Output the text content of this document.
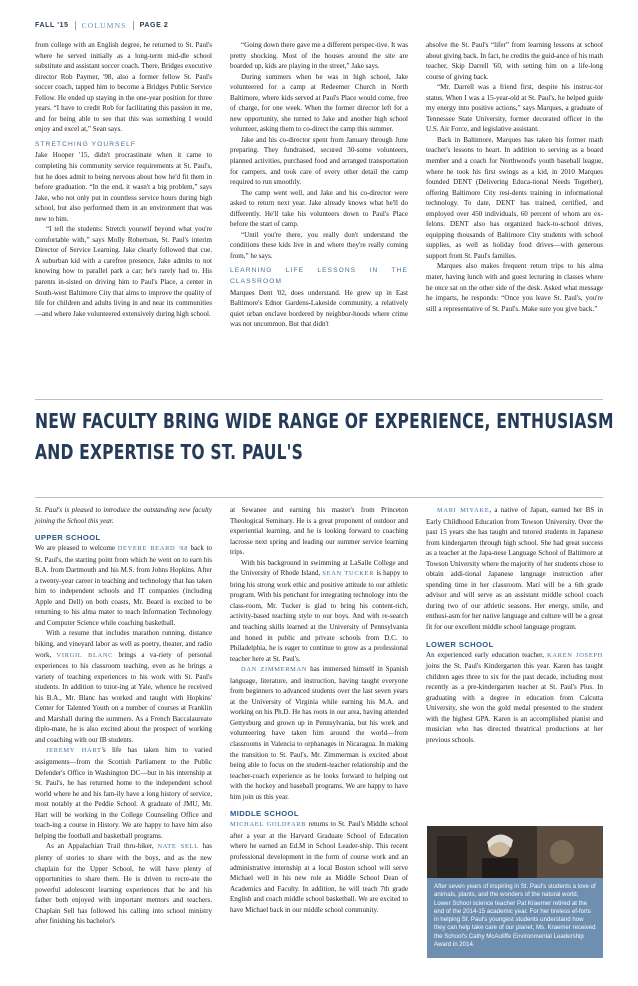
FALL '15 COLUMNS PAGE 2

from college with an English degree, he returned to St. Paul's where he served initially as a long-term mid-dle school substitute and assistant soccer coach. There, Bridges executive director Rob Paymer, '98, also a former fellow St. Paul's soccer coach, tapped him to become a Bridges Public Service Fellow. He ended up staying in the one-year position for three years. “I have to credit Rob for facilitating this passion in me, and for being able to see that this was something I would enjoy and excel at,” Sean says.

STRETCHING YOURSELF

Jake Hooper '15, didn't procrastinate when it came to completing his community service requirements at St. Paul's, but he does admit to being nervous about how he'd fit them in before graduation. “In the end, it wasn't a big problem,” says Jake, who not only put in countless service hours during high school, but also performed them in an environment that was new to him.

“I tell the students: Stretch yourself beyond what you're comfortable with,” says Molly Robertson, St. Paul's interim Director of Service Learning. Jake clearly followed that cue. A suburban kid with a carefree presence, Jake admits to not knowing how to parallel park a car; he's rarely had to. His parents in-sisted on driving him to Paul's Place, a center in South-west Baltimore City that aims to improve the quality of life for children and adults living in and near its communities—and where Jake volunteered extensively during high school.

“Going down there gave me a different perspec-tive. It was pretty shocking. Most of the houses around the site are boarded up, kids are playing in the street,” Jake says.

During summers when he was in high school, Jake volunteered for a camp at Redeemer Church in North Baltimore, where kids served at Paul's Place would come, free of charge, for one week. When the former director left for a new opportunity, she turned to Jake and another high school volunteer, asking them to co-direct the camp this summer.

Jake and his co-director spent from January through June preparing. They fundraised, secured 30-some volunteers, planned activities, purchased food and arranged transportation for campers, and took care of every other detail the camp required to run smoothly.

The camp went well, and Jake and his co-director were asked to return next year. Jake already knows what he'll do differently. He'll take his volunteers down to Paul's Place before the start of camp.

“Until you're there, you really don't understand the conditions these kids live in and where they're really coming from,” he says.

LEARNING LIFE LESSONS IN THE CLASSROOM

Marques Dent '02, does understand. He grew up in East Baltimore's Ednor Gardens-Lakeside community, a relatively quiet urban enclave bordered by neighbor-hoods where crime was not uncommon. But that didn't

absolve the St. Paul's “lifer” from learning lessons at school about giving back. In fact, he credits the guid-ance of his math teacher, Skip Darrell '60, with setting him on a life-long course of giving back.

“Mr. Darrell was a friend first, despite his instruc-tor status. When I was a 15-year-old at St. Paul's, he helped guide my energy into positive actions,” says Marques, a graduate of Tennessee State University, former decorated officer in the U.S. Air Force, and legislative assistant.

Back in Baltimore, Marques has taken his former math teacher's lessons to heart. In addition to serving as a board member and a coach for Northwood's youth baseball league, where he took his first swings as a kid, in 2010 Marques founded DENT (Delivering Educa-tional Needs Together), offering Baltimore City resi-dents training in informational technology. To date, DENT has trained, certified, and employed over 450 individuals, 60 percent of whom are ex-felons. DENT also has organized back-to-school drives, equipping thousands of Baltimore City students with school supplies, as well as holiday food drives—with generous support from St. Paul's families.

Marques also makes frequent return trips to his alma mater, having lunch with and guest lecturing in classes where he once sat on the other side of the desk. Asked what message he imparts, he responds: “Once you leave St. Paul's, you're still a representative of St. Paul's. Make sure you give back.”

NEW FACULTY BRING WIDE RANGE OF EXPERIENCE, ENTHUSIASM
AND EXPERTISE TO ST. PAUL'S

St. Paul's is pleased to introduce the outstanding new faculty joining the School this year.

UPPER SCHOOL

We are pleased to welcome DEVERE BEARD '88 back to St. Paul's, the starting point from which he went on to earn his B.A. from Dartmouth and his M.S. from Johns Hopkins. After a twenty-year career in teaching and technology that has taken him to independent schools and IT companies (including Apple and Dell) on both coasts, Mr. Beard is excited to be returning to his alma mater to teach Information Technology and Computer Science while coaching basketball.

With a resume that includes marathon running, distance biking, and vineyard labor as well as poetry, theater, and radio work, VIRGIL BLANC brings a va-riety of personal experiences to his classroom teaching, even as he brings a variety of teaching experiences to his work with St. Paul's students. In addition to tutor-ing at Yale, whence he received his B.A., Mr. Blanc has worked and taught with Hopkins' Center for Talented Youth on a number of courses at Franklin and Marshall during the summers. As a French Baccalaureate diplo-mate, he is also excited about the prospect of working and coaching with our IB students.

JEREMY HART's life has taken him to varied assignments—from the Scottish Parliament to the Public Defender's Office in Washington DC—but in his internship at St. Paul's, he has returned home to the independent school world where he and his fam-ily have a long history of service, most notably at the Peddie School. A graduate of JMU, Mr. Hart will be working in the College Counseling Office and teach-ing a course in History. We are happy to have him also helping the football and basketball programs.

As an Appalachian Trail thru-hiker, NATE SELL has plenty of stories to share with the boys, and as the new chaplain for the Upper School, he will have plenty of opportunities to share them. He is driven to recre-ate the powerful adolescent learning experiences that he and his father both enjoyed with important mentors and teachers. Chaplain Sell has followed his calling into school ministry after finishing his bachelor's

at Sewanee and earning his master's from Princeton Theological Seminary. He is a great proponent of outdoor and experiential learning, and he is looking forward to coaching lacrosse next spring and leading our summer service learning trips.

With his background in swimming at LaSalle College and the University of Rhode Island, SEAN TUCKER is happy to bring his strong work ethic and positive attitude to our athletic program. With his penchant for integrating technology into the class-room, Mr. Tucker is glad to bring his content-rich, activity-based teaching style to our boys. And with re-search and teaching skills learned at the University of Pennsylvania and honed in public and private schools from D.C. to Philadelphia, he is eager to continue to grow as a professional teacher here at St. Paul's.

DAN ZIMMERMAN has immersed himself in Spanish language, literature, and instruction, having taught everyone from beginners to advanced students over the last seven years at the University of Virginia while earning his M.A. and working on his Ph.D. He has roots in our area, having attended Gettysburg and grown up in Pennsylvania, but his work and volunteering have taken him around the world—from classrooms in Valencia to orphanages in Nicaragua. In making the transition to St. Paul's, Mr. Zimmerman is excited about being able to focus on the student-teacher relationship and the teacher-coach experience as he looks forward to helping out with the hockey and baseball programs. We are happy to have him join us this year.

MIDDLE SCHOOL

MICHAEL GOLDFARB returns to St. Paul's Middle school after a year at the Harvard Graduate School of Education where he earned an Ed.M in School Leader-ship. This recent professional development in the form of course work and an administrative internship at a local Boston school will serve Michael well in his new role as Middle School Dean of Academics and Faculty. In addition, he will teach 7th grade English and coach middle school basketball. We are excited to have Michael back in our middle school community.

MARI MIYAKE, a native of Japan, earned her BS in Early Childhood Education from Towson University. Over the past 15 years she has taught and tutored students in Japanese from kindergarten through high school. She had great success as a teacher at the Japa-nese Language School of Baltimore at Towson University where the majority of her students chose to obtain addi-tional Japanese language instruction after spending time in her classroom. Mari will be a 6th grade advisor and will serve as an assistant middle school coach during two of our athletic seasons. Her energy, smile, and enthusi-asm for her native language and culture will be a great fit for our excellent middle school language program.

LOWER SCHOOL

An experienced early education teacher, KAREN JOSEPH joins the St. Paul's Kindergarten this year. Karen has taught children ages three to six for the past decade, including most recently as a pre-kindergarten teacher at St. Paul's Plus. In graduating with a degree in education from Calcutta University, she won the gold medal presented to the student with the highest GPA. Karen is an accomplished pianist and musician who has directed theatrical productions at her previous schools.

After seven years of inspiring in St. Paul's students a love of animals, plants, and the wonders of the natural world, Lower School science teacher Pat Kraemer retired at the end of the 2014-15 academic year. For her tireless ef-forts in helping St. Paul's youngest students understand how they can help take care of our planet, Ms. Kraemer received the School's Cathy McAuliffe Environmental Leadership Award in 2014.
